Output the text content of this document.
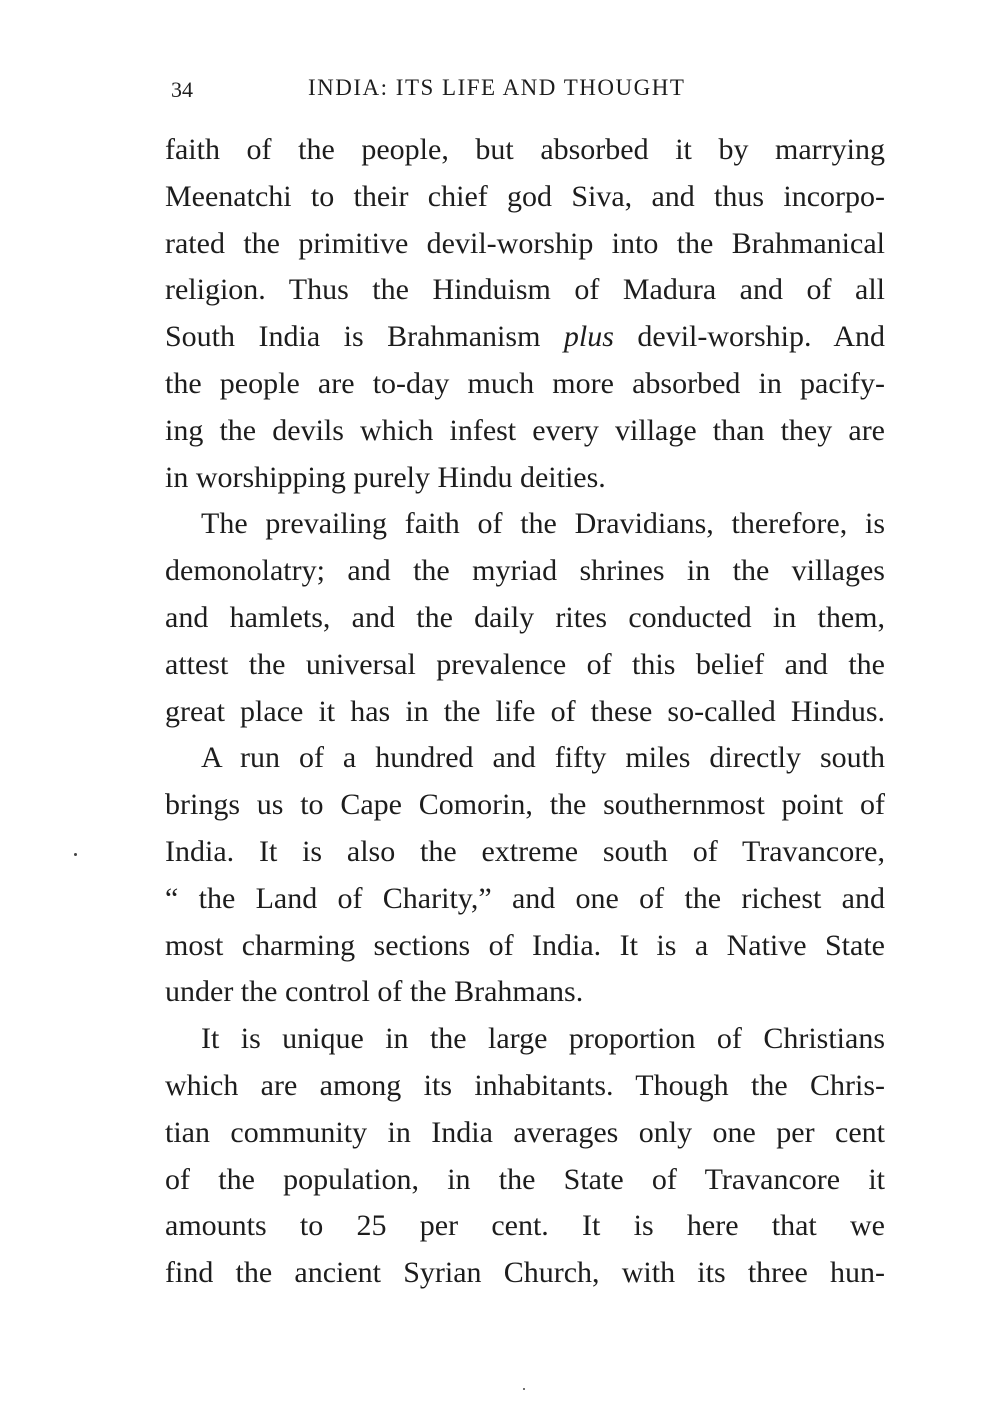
34	INDIA: ITS LIFE AND THOUGHT
faith of the people, but absorbed it by marrying
Meenatchi to their chief god Siva, and thus incorpo-
rated the primitive devil-worship into the Brahmanical
religion. Thus the Hinduism of Madura and of all
South India is Brahmanism plus devil-worship. And
the people are to-day much more absorbed in pacify-
ing the devils which infest every village than they are
in worshipping purely Hindu deities.
The prevailing faith of the Dravidians, therefore, is
demonolatry; and the myriad shrines in the villages
and hamlets, and the daily rites conducted in them,
attest the universal prevalence of this belief and the
great place it has in the life of these so-called Hindus.
A run of a hundred and fifty miles directly south
brings us to Cape Comorin, the southernmost point of
India. It is also the extreme south of Travancore,
“ the Land of Charity,” and one of the richest and
most charming sections of India. It is a Native State
under the control of the Brahmans.
It is unique in the large proportion of Christians
which are among its inhabitants. Though the Chris-
tian community in India averages only one per cent
of the population, in the State of Travancore it
amounts to 25 per cent. It is here that we
find the ancient Syrian Church, with its three hun-
